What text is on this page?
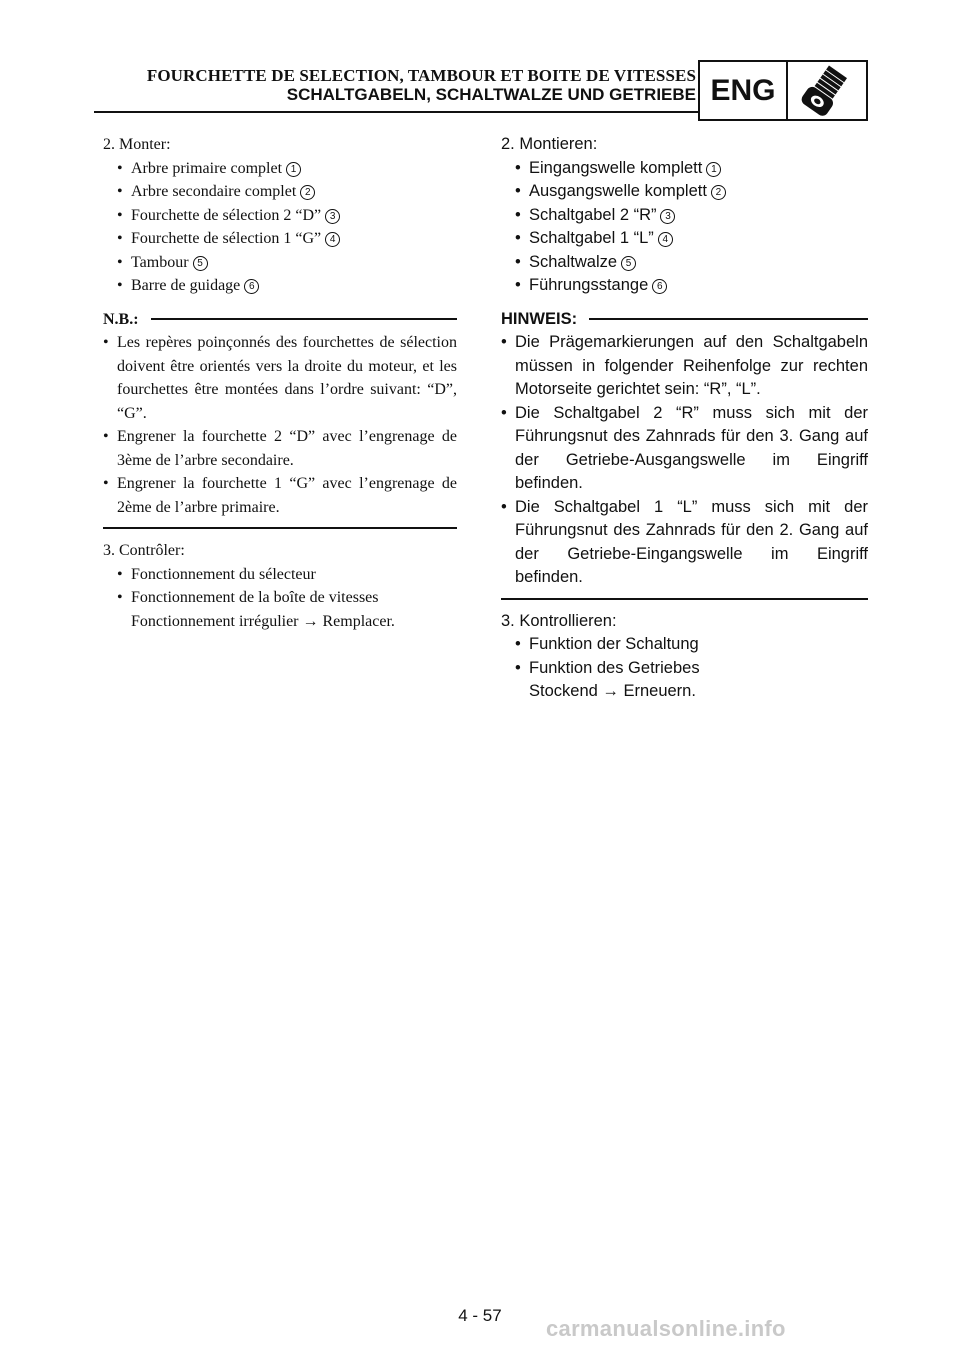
FOURCHETTE DE SELECTION, TAMBOUR ET BOITE DE VITESSES
SCHALTGABELN, SCHALTWALZE UND GETRIEBE ENG
2. Monter:
• Arbre primaire complet 1
• Arbre secondaire complet 2
• Fourchette de sélection 2 “D” 3
• Fourchette de sélection 1 “G” 4
• Tambour 5
• Barre de guidage 6
N.B.:
• Les repères poinçonnés des fourchettes de sélection doivent être orientés vers la droite du moteur, et les fourchettes être montées dans l’ordre suivant: “D”, “G”.
• Engrener la fourchette 2 “D” avec l’engrenage de 3ème de l’arbre secondaire.
• Engrener la fourchette 1 “G” avec l’engrenage de 2ème de l’arbre primaire.
3. Contrôler:
• Fonctionnement du sélecteur
• Fonctionnement de la boîte de vitesses
Fonctionnement irrégulier → Remplacer.
2. Montieren:
• Eingangswelle komplett 1
• Ausgangswelle komplett 2
• Schaltgabel 2 “R” 3
• Schaltgabel 1 “L” 4
• Schaltwalze 5
• Führungsstange 6
HINWEIS:
• Die Prägemarkierungen auf den Schaltgabeln müssen in folgender Reihenfolge zur rechten Motorseite gerichtet sein: “R”, “L”.
• Die Schaltgabel 2 “R” muss sich mit der Führungsnut des Zahnrads für den 3. Gang auf der Getriebe-Ausgangswelle im Eingriff befinden.
• Die Schaltgabel 1 “L” muss sich mit der Führungsnut des Zahnrads für den 2. Gang auf der Getriebe-Eingangswelle im Eingriff befinden.
3. Kontrollieren:
• Funktion der Schaltung
• Funktion des Getriebes
Stockend → Erneuern.
4 - 57
carmanualsonline.info
